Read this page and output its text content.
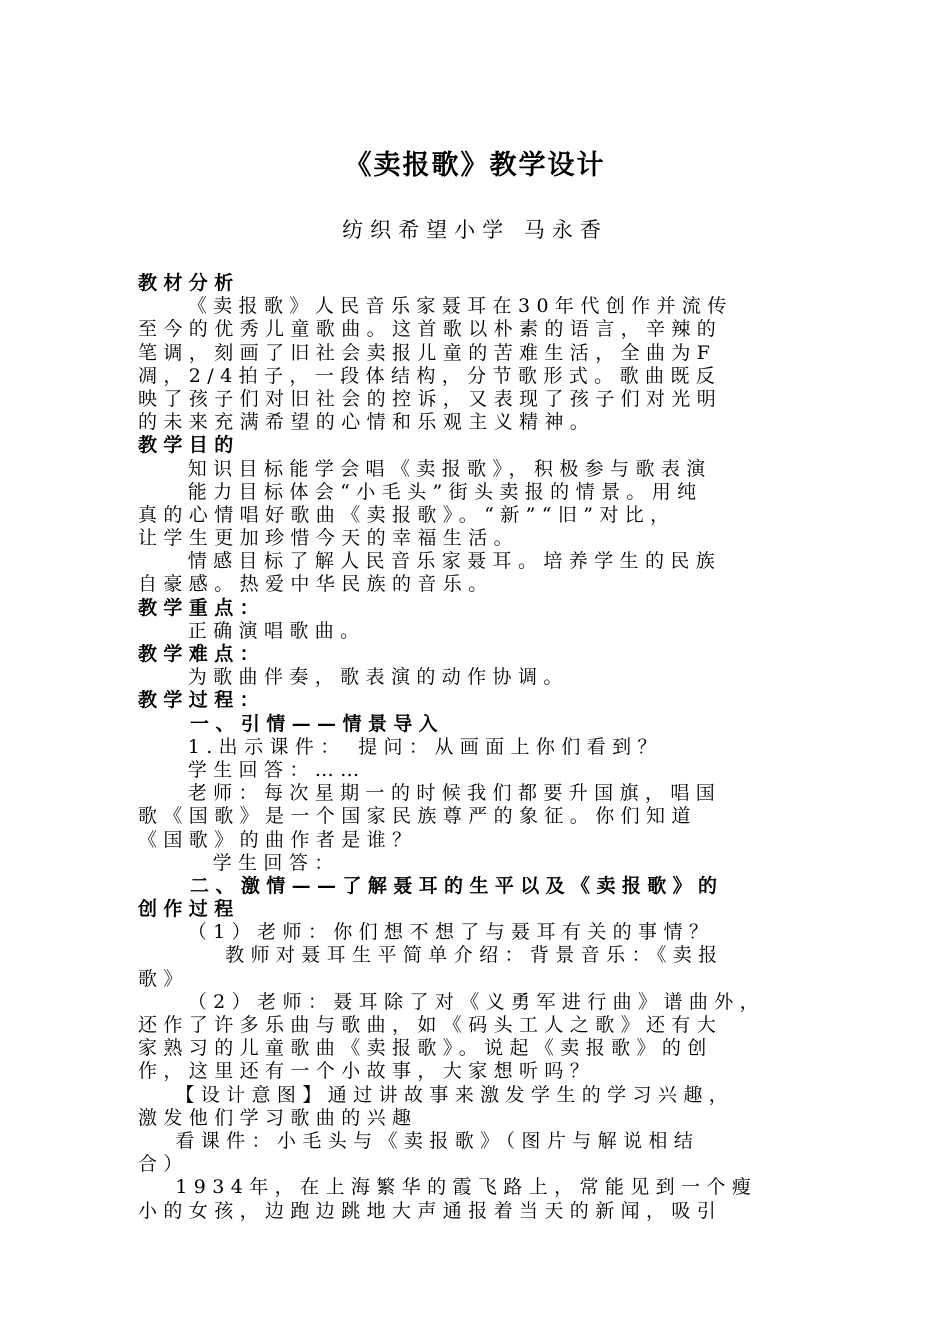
《卖报歌》教学设计
纺织希望小学 马永香
教材分析
《卖报歌》人民音乐家聂耳在30年代创作并流传
至今的优秀儿童歌曲。这首歌以朴素的语言，辛辣的
笔调，刻画了旧社会卖报儿童的苦难生活，全曲为F
凋，2/4拍子，一段体结构，分节歌形式。歌曲既反
映了孩子们对旧社会的控诉，又表现了孩子们对光明
的未来充满希望的心情和乐观主义精神。
教学目的
知识目标能学会唱《卖报歌》，积极参与歌表演
能力目标体会“小毛头”街头卖报的情景。用纯
真的心情唱好歌曲《卖报歌》。“新”“旧”对比，
让学生更加珍惜今天的幸福生活。
情感目标了解人民音乐家聂耳。培养学生的民族
自豪感。热爱中华民族的音乐。
教学重点：
正确演唱歌曲。
教学难点：
为歌曲伴奏，歌表演的动作协调。
教学过程：
一、引情——情景导入
1.出示课件： 提问：从画面上你们看到？
学生回答：……
老师：每次星期一的时候我们都要升国旗，唱国
歌《国歌》是一个国家民族尊严的象征。你们知道
《国歌》的曲作者是谁？
学生回答：
二、激情——了解聂耳的生平以及《卖报歌》的
创作过程
（1）老师：你们想不想了与聂耳有关的事情？
教师对聂耳生平简单介绍：背景音乐：《卖报
歌》
（2）老师：聂耳除了对《义勇军进行曲》谱曲外，
还作了许多乐曲与歌曲，如《码头工人之歌》还有大
家熟习的儿童歌曲《卖报歌》。说起《卖报歌》的创
作，这里还有一个小故事，大家想听吗？
【设计意图】通过讲故事来激发学生的学习兴趣，
激发他们学习歌曲的兴趣
看课件：小毛头与《卖报歌》（图片与解说相结
合）
1934年，在上海繁华的霞飞路上，常能见到一个瘦
小的女孩，边跑边跳地大声通报着当天的新闻，吸引
